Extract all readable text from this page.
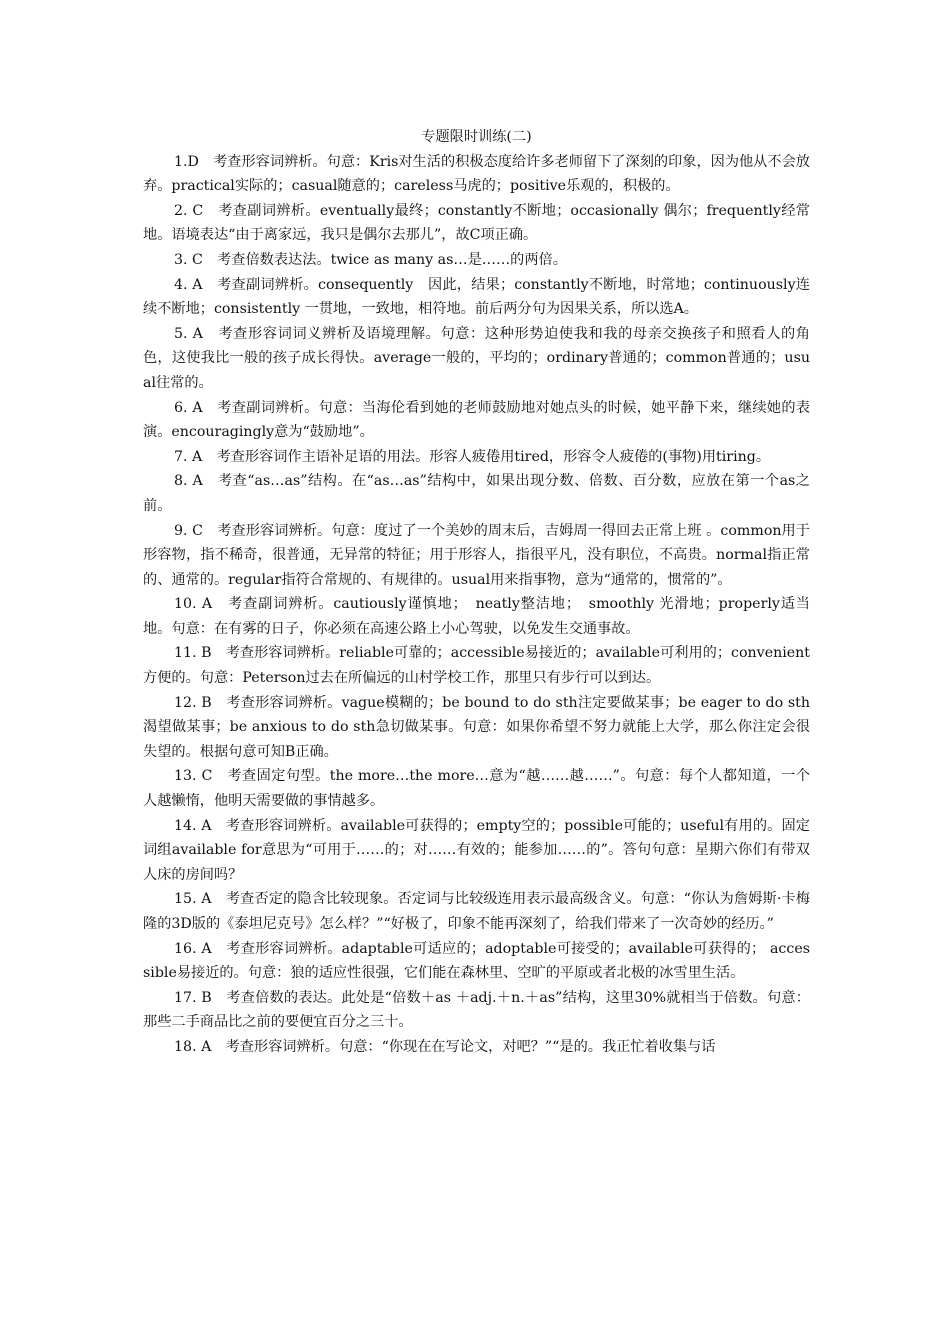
专题限时训练(二)

1.D　考查形容词辨析。句意：Kris对生活的积极态度给许多老师留下了深刻的印象，因为他从不会放弃。practical实际的；casual随意的；careless马虎的；positive乐观的，积极的。

2. C　考查副词辨析。eventually最终；constantly不断地；occasionally 偶尔；frequently经常地。语境表达“由于离家远，我只是偶尔去那儿”，故C项正确。

3. C　考查倍数表达法。twice as many as…是……的两倍。

4. A　考查副词辨析。consequently　因此，结果；constantly不断地，时常地；continuously连续不断地；consistently 一贯地，一致地，相符地。前后两分句为因果关系，所以选A。

5. A　考查形容词词义辨析及语境理解。句意：这种形势迫使我和我的母亲交换孩子和照看人的角色，这使我比一般的孩子成长得快。average一般的，平均的；ordinary普通的；common普通的；usual往常的。

6. A　考查副词辨析。句意：当海伦看到她的老师鼓励地对她点头的时候，她平静下来，继续她的表演。encouragingly意为“鼓励地”。

7. A　考查形容词作主语补足语的用法。形容人疲倦用tired，形容令人疲倦的(事物)用tiring。

8. A　考查“as…as”结构。在“as…as”结构中，如果出现分数、倍数、百分数，应放在第一个as之前。

9. C　考查形容词辨析。句意：度过了一个美妙的周末后，吉姆周一得回去正常上班 。common用于形容物，指不稀奇，很普通，无异常的特征；用于形容人，指很平凡，没有职位，不高贵。normal指正常的、通常的。regular指符合常规的、有规律的。usual用来指事物，意为“通常的，惯常的”。

10. A　考查副词辨析。cautiously谨慎地；　neatly整洁地；　smoothly 光滑地；properly适当地。句意：在有雾的日子，你必须在高速公路上小心驾驶，以免发生交通事故。

11. B　考查形容词辨析。reliable可靠的；accessible易接近的；available可利用的；convenient方便的。句意：Peterson过去在所偏远的山村学校工作，那里只有步行可以到达。

12. B　考查形容词辨析。vague模糊的；be bound to do sth注定要做某事；be eager to do sth渴望做某事；be anxious to do sth急切做某事。句意：如果你希望不努力就能上大学，那么你注定会很失望的。根据句意可知B正确。

13. C　考查固定句型。the more…the more…意为“越……越……”。句意：每个人都知道，一个人越懒惰，他明天需要做的事情越多。

14. A　考查形容词辨析。available可获得的；empty空的；possible可能的；useful有用的。固定词组available for意思为“可用于……的；对……有效的；能参加……的”。答句句意：星期六你们有带双人床的房间吗？

15. A　考查否定的隐含比较现象。否定词与比较级连用表示最高级含义。句意：“你认为詹姆斯·卡梅隆的3D版的《泰坦尼克号》怎么样？”“好极了，印象不能再深刻了，给我们带来了一次奇妙的经历。”

16. A　考查形容词辨析。adaptable可适应的；adoptable可接受的；available可获得的； accessible易接近的。句意：狼的适应性很强，它们能在森林里、空旷的平原或者北极的冰雪里生活。

17. B　考查倍数的表达。此处是“倍数＋as ＋adj.＋n.＋as”结构，这里30%就相当于倍数。句意：那些二手商品比之前的要便宜百分之三十。

18. A　考查形容词辨析。句意：“你现在在写论文，对吧？”“是的。我正忙着收集与话
